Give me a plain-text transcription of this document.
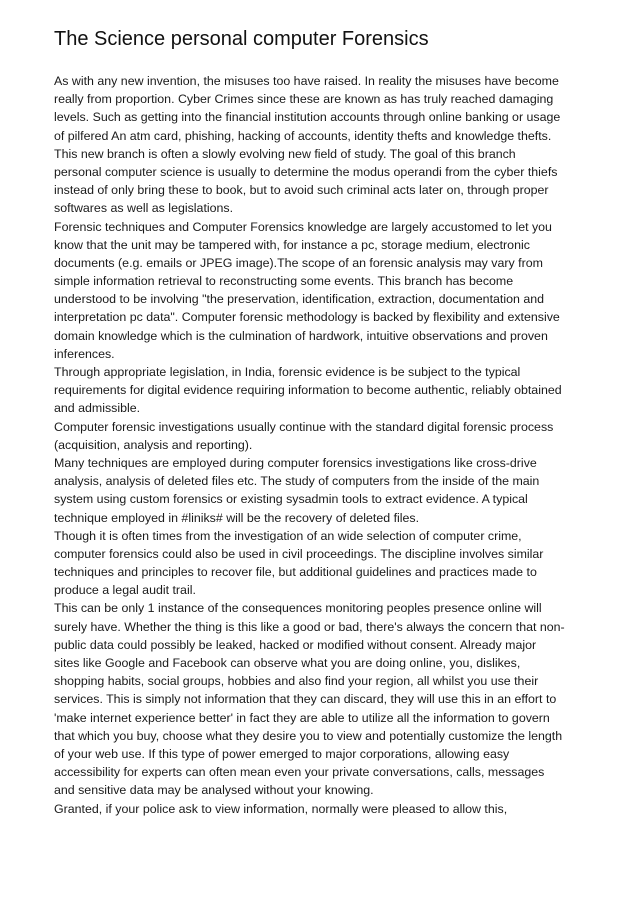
The Science personal computer Forensics
As with any new invention, the misuses too have raised. In reality the misuses have become
really from proportion. Cyber Crimes since these are known as has truly reached damaging
levels. Such as getting into the financial institution accounts through online banking or usage
of pilfered An atm card, phishing, hacking of accounts, identity thefts and knowledge thefts.
This new branch is often a slowly evolving new field of study. The goal of this branch
personal computer science is usually to determine the modus operandi from the cyber thiefs
instead of only bring these to book, but to avoid such criminal acts later on, through proper
softwares as well as legislations.
Forensic techniques and Computer Forensics knowledge are largely accustomed to let you
know that the unit may be tampered with, for instance a pc, storage medium, electronic
documents (e.g. emails or JPEG image).The scope of an forensic analysis may vary from
simple information retrieval to reconstructing some events. This branch has become
understood to be involving "the preservation, identification, extraction, documentation and
interpretation pc data". Computer forensic methodology is backed by flexibility and extensive
domain knowledge which is the culmination of hardwork, intuitive observations and proven
inferences.
Through appropriate legislation, in India, forensic evidence is be subject to the typical
requirements for digital evidence requiring information to become authentic, reliably obtained
and admissible.
Computer forensic investigations usually continue with the standard digital forensic process
(acquisition, analysis and reporting).
Many techniques are employed during computer forensics investigations like cross-drive
analysis, analysis of deleted files etc. The study of computers from the inside of the main
system using custom forensics or existing sysadmin tools to extract evidence. A typical
technique employed in #liniks# will be the recovery of deleted files.
Though it is often times from the investigation of an wide selection of computer crime,
computer forensics could also be used in civil proceedings. The discipline involves similar
techniques and principles to recover file, but additional guidelines and practices made to
produce a legal audit trail.
This can be only 1 instance of the consequences monitoring peoples presence online will
surely have. Whether the thing is this like a good or bad, there's always the concern that non-
public data could possibly be leaked, hacked or modified without consent. Already major
sites like Google and Facebook can observe what you are doing online, you, dislikes,
shopping habits, social groups, hobbies and also find your region, all whilst you use their
services. This is simply not information that they can discard, they will use this in an effort to
'make internet experience better' in fact they are able to utilize all the information to govern
that which you buy, choose what they desire you to view and potentially customize the length
of your web use. If this type of power emerged to major corporations, allowing easy
accessibility for experts can often mean even your private conversations, calls, messages
and sensitive data may be analysed without your knowing.
Granted, if your police ask to view information, normally were pleased to allow this,
